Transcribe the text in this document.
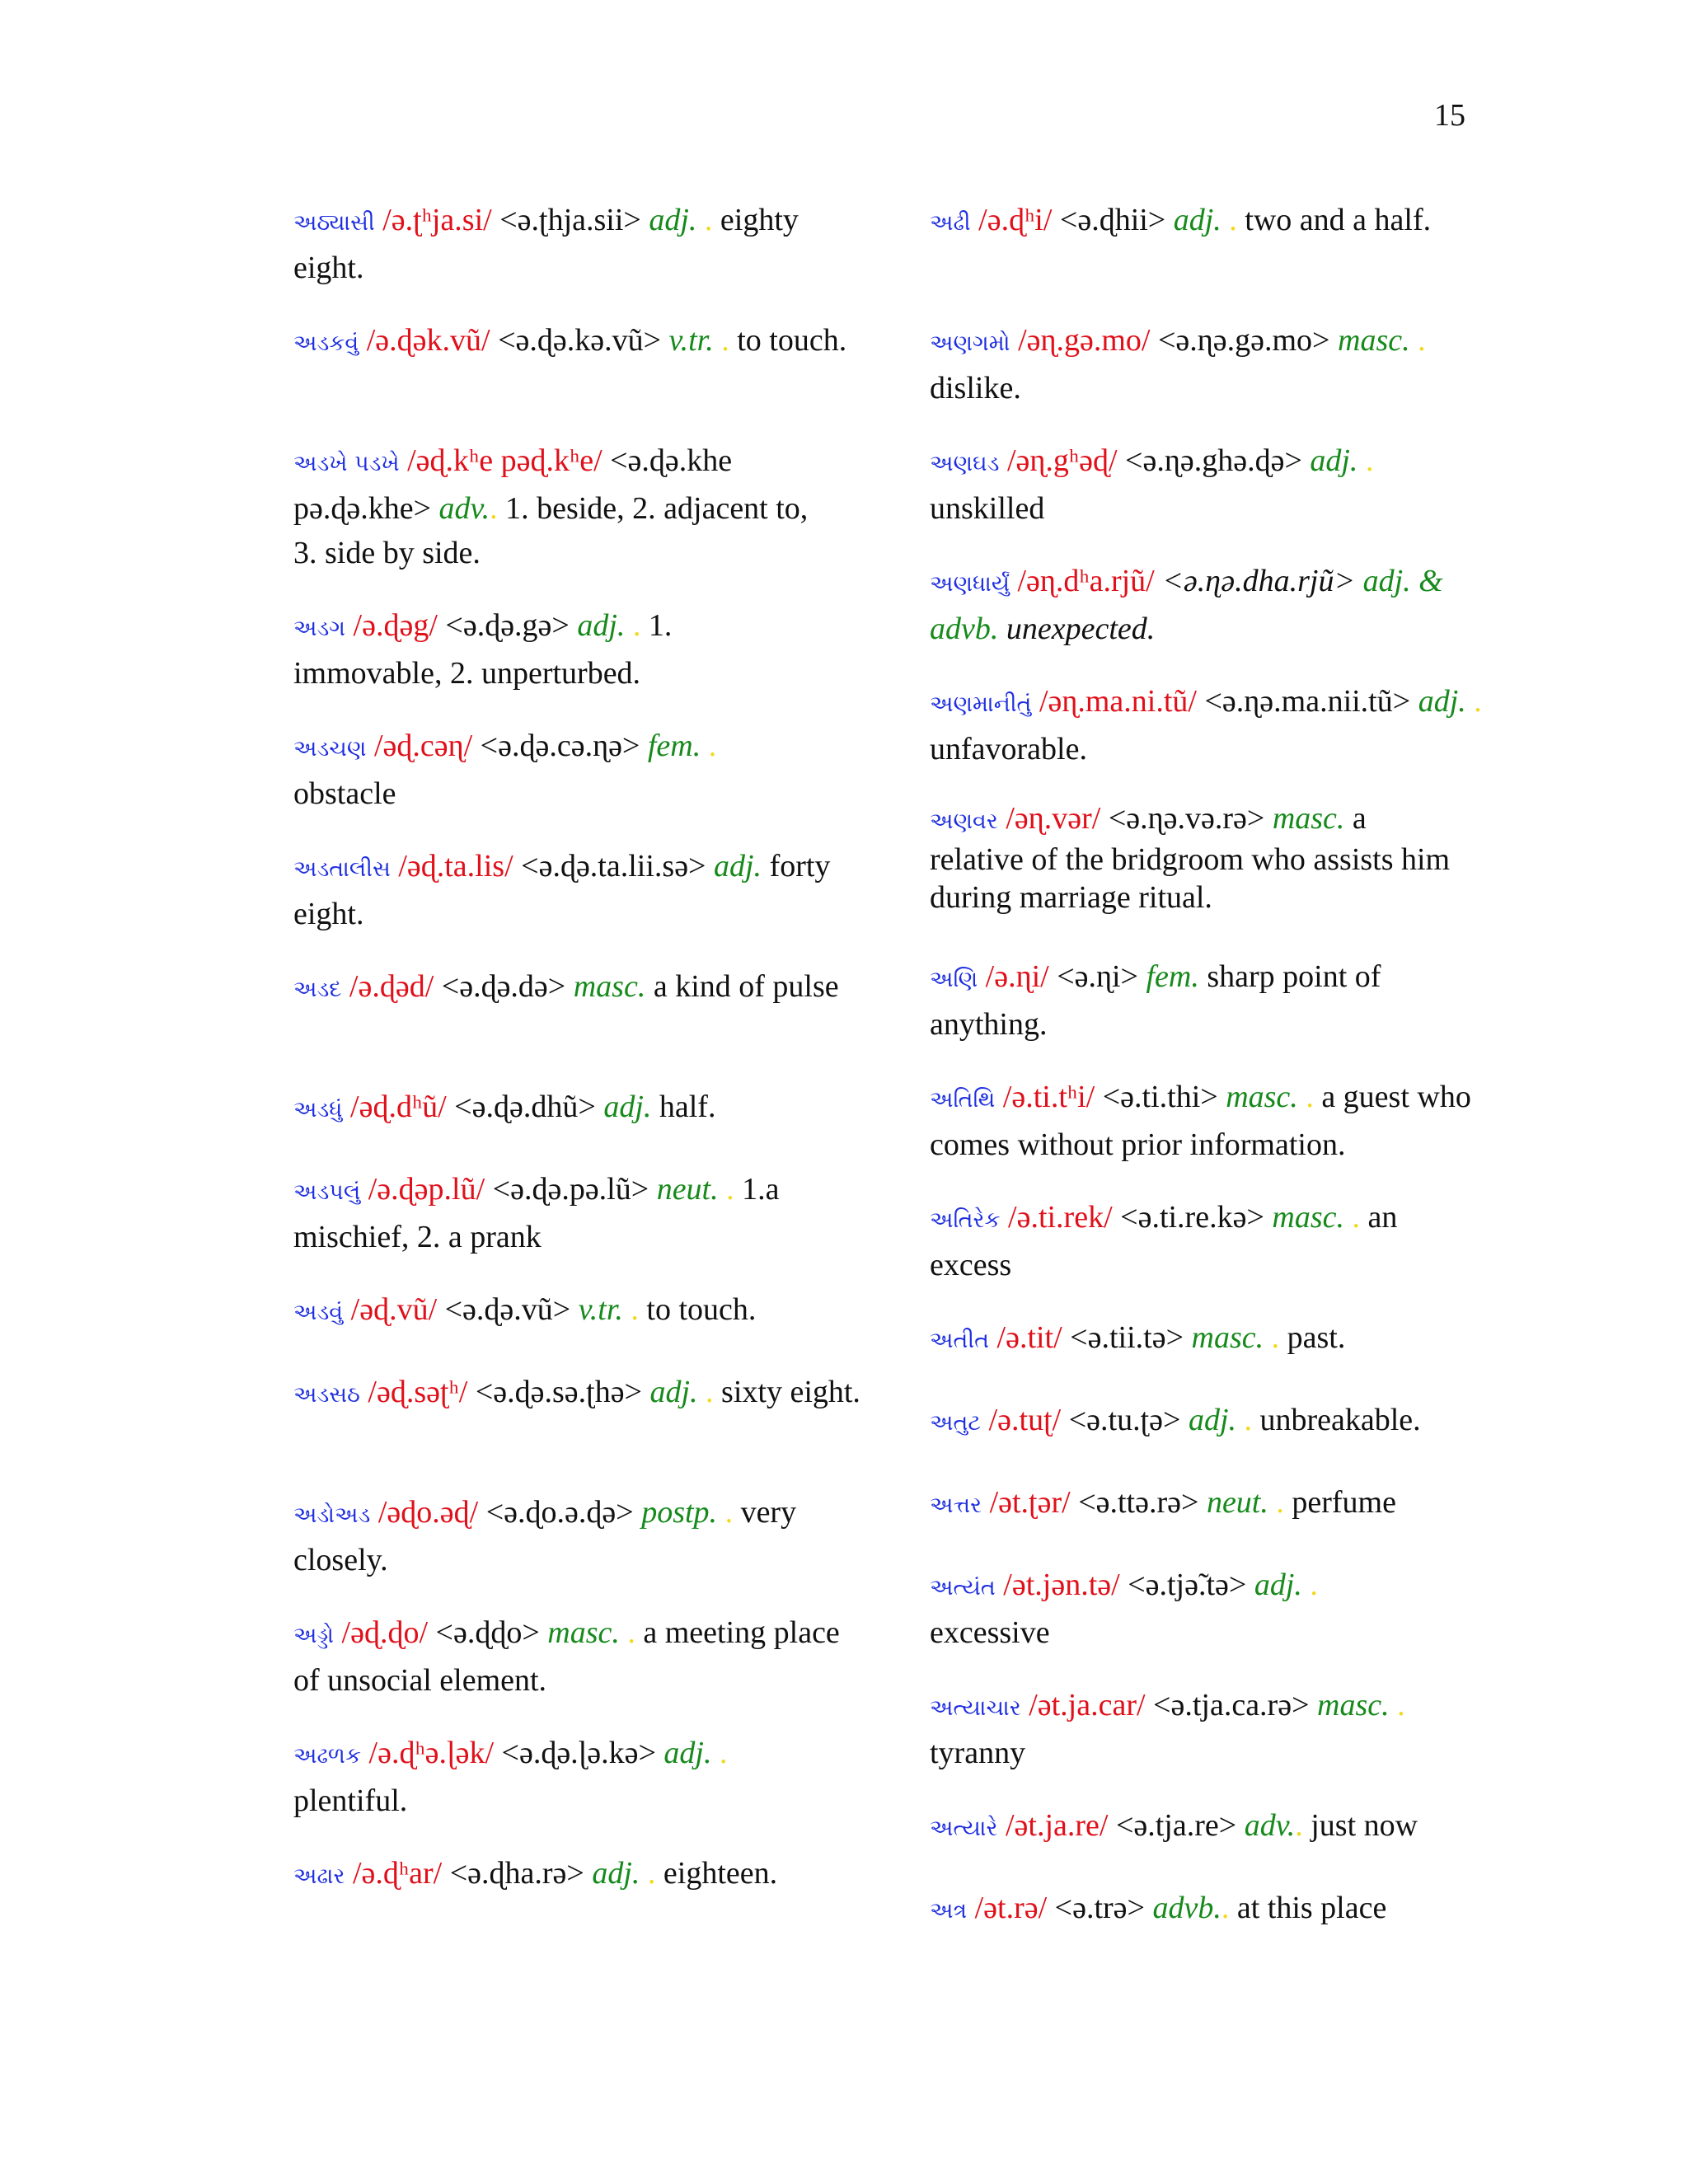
15
અઠ્યાસી /ə.ʈʰja.si/ <ə.ʈhja.sii> adj. . eighty eight.
અડકવું /ə.ɖək.vũ/ <ə.ɖə.kə.vũ> v.tr. . to touch.
અડખે પડખે /əɖ.kʰe pəɖ.kʰe/ <ə.ɖə.khe pə.ɖə.khe> adv.. 1. beside, 2. adjacent to, 3. side by side.
અડગ /ə.ɖəg/ <ə.ɖə.gə> adj. . 1. immovable, 2. unperturbed.
અડચણ /əɖ.cəɳ/ <ə.ɖə.cə.ɳə> fem. . obstacle
અડતાલીસ /əɖ.ta.lis/ <ə.ɖə.ta.lii.sə> adj. forty eight.
અડદ /ə.ɖəd/ <ə.ɖə.də> masc. a kind of pulse
અડધું /əɖ.dʰũ/ <ə.ɖə.dhũ> adj. half.
અડપલું /ə.ɖəp.lũ/ <ə.ɖə.pə.lũ> neut. . 1.a mischief, 2. a prank
અડવું /əɖ.vũ/ <ə.ɖə.vũ> v.tr. . to touch.
અડસઠ /əɖ.səʈʰ/ <ə.ɖə.sə.ʈhə> adj. . sixty eight.
અડોઅડ /əɖo.əɖ/ <ə.ɖo.ə.ɖə> postp. . very closely.
અડ્ડો /əɖ.ɖo/ <ə.ɖɖo> masc. . a meeting place of unsocial element.
અઢળક /ə.ɖʰə.ɭək/ <ə.ɖə.ɭə.kə> adj. . plentiful.
અઢાર /ə.ɖʰar/ <ə.ɖha.rə> adj. . eighteen.
અઢી /ə.ɖʰi/ <ə.ɖhii> adj. . two and a half.
અણગમો /əɳ.gə.mo/ <ə.ɳə.gə.mo> masc. . dislike.
અણઘડ /əɳ.gʰəɖ/ <ə.ɳə.ghə.ɖə> adj. . unskilled
અણધાર્યું /əɳ.dʰa.rjũ/ <ə.ɳə.dha.rjũ> adj. & advb. unexpected.
અણમાનીતું /əɳ.ma.ni.tũ/ <ə.ɳə.ma.nii.tũ> adj. . unfavorable.
અણવર /əɳ.vər/ <ə.ɳə.və.rə> masc. a relative of the bridgroom who assists him during marriage ritual.
અણિ /ə.ɳi/ <ə.ɳi> fem. sharp point of anything.
અતિથિ /ə.ti.tʰi/ <ə.ti.thi> masc. . a guest who comes without prior information.
અતિરેક /ə.ti.rek/ <ə.ti.re.kə> masc. . an excess
અતીત /ə.tit/ <ə.tii.tə> masc. . past.
અતુટ /ə.tuʈ/ <ə.tu.ʈə> adj. . unbreakable.
અત્તર /ət.ʈər/ <ə.ttə.rə> neut. . perfume
અત્યંત /ət.jən.tə/ <ə.tjə̃.tə> adj. . excessive
અત્યાચાર /ət.ja.car/ <ə.tja.ca.rə> masc. . tyranny
અત્યારે /ət.ja.re/ <ə.tja.re> adv.. just now
અત્ર /ət.rə/ <ə.trə> advb.. at this place
